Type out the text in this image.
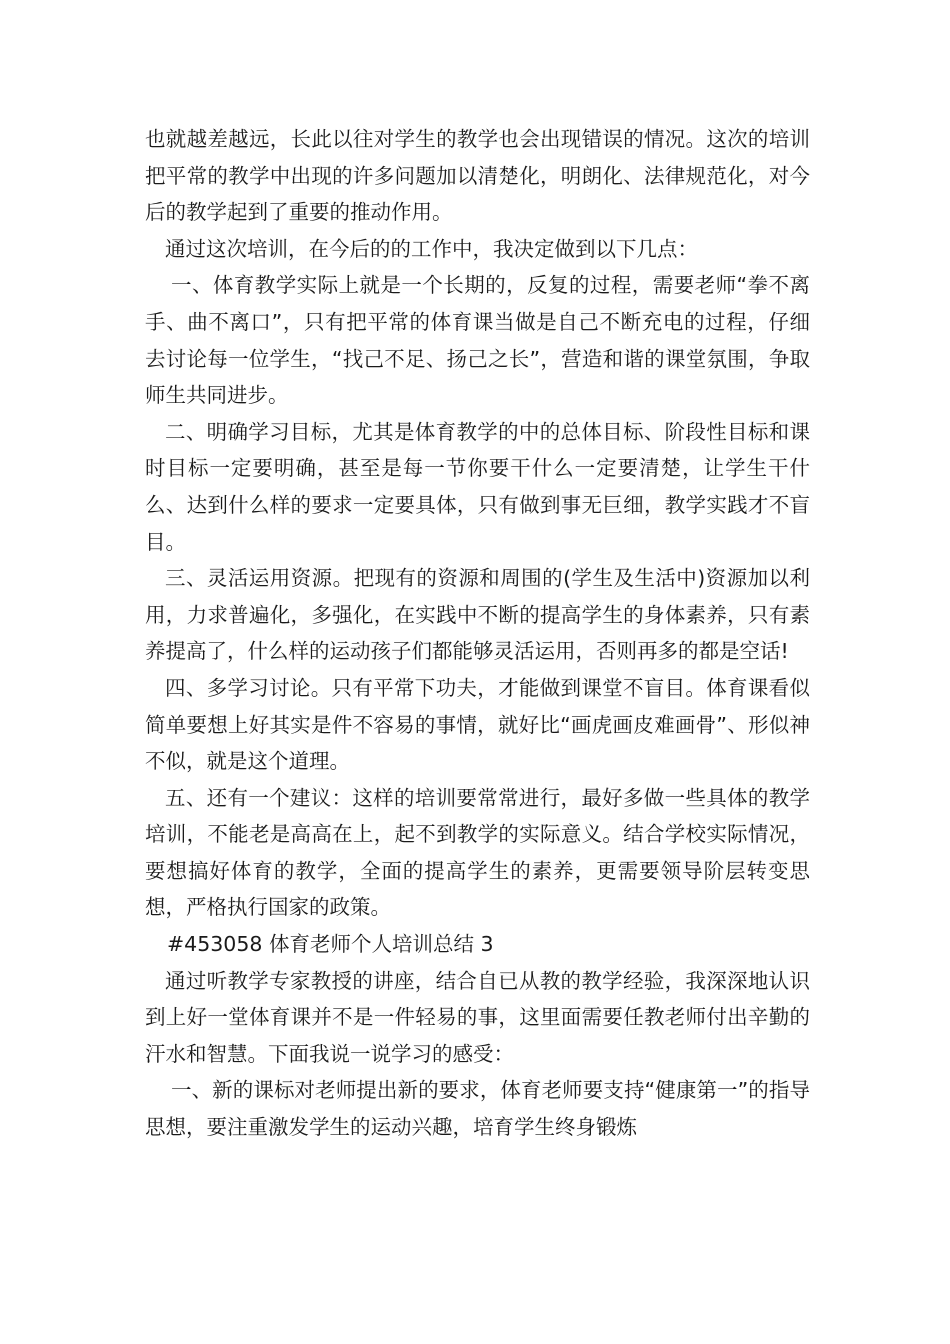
也就越差越远，长此以往对学生的教学也会出现错误的情况。这次的培训把平常的教学中出现的许多问题加以清楚化，明朗化、法律规范化，对今后的教学起到了重要的推动作用。

通过这次培训，在今后的的工作中，我决定做到以下几点：

一、体育教学实际上就是一个长期的，反复的过程，需要老师“拳不离手、曲不离口”，只有把平常的体育课当做是自己不断充电的过程，仔细去讨论每一位学生，“找己不足、扬己之长”，营造和谐的课堂氛围，争取师生共同进步。

二、明确学习目标，尤其是体育教学的中的总体目标、阶段性目标和课时目标一定要明确，甚至是每一节你要干什么一定要清楚，让学生干什么、达到什么样的要求一定要具体，只有做到事无巨细，教学实践才不盲目。

三、灵活运用资源。把现有的资源和周围的(学生及生活中)资源加以利用，力求普遍化，多强化，在实践中不断的提高学生的身体素养，只有素养提高了，什么样的运动孩子们都能够灵活运用，否则再多的都是空话!

四、多学习讨论。只有平常下功夫，才能做到课堂不盲目。体育课看似简单要想上好其实是件不容易的事情，就好比“画虎画皮难画骨”、形似神不似，就是这个道理。

五、还有一个建议：这样的培训要常常进行，最好多做一些具体的教学培训，不能老是高高在上，起不到教学的实际意义。结合学校实际情况，要想搞好体育的教学，全面的提高学生的素养，更需要领导阶层转变思想，严格执行国家的政策。

#453058 体育老师个人培训总结 3

通过听教学专家教授的讲座，结合自已从教的教学经验，我深深地认识到上好一堂体育课并不是一件轻易的事，这里面需要任教老师付出辛勤的汗水和智慧。下面我说一说学习的感受：

一、新的课标对老师提出新的要求，体育老师要支持“健康第一”的指导思想，要注重激发学生的运动兴趣，培育学生终身锻炼
